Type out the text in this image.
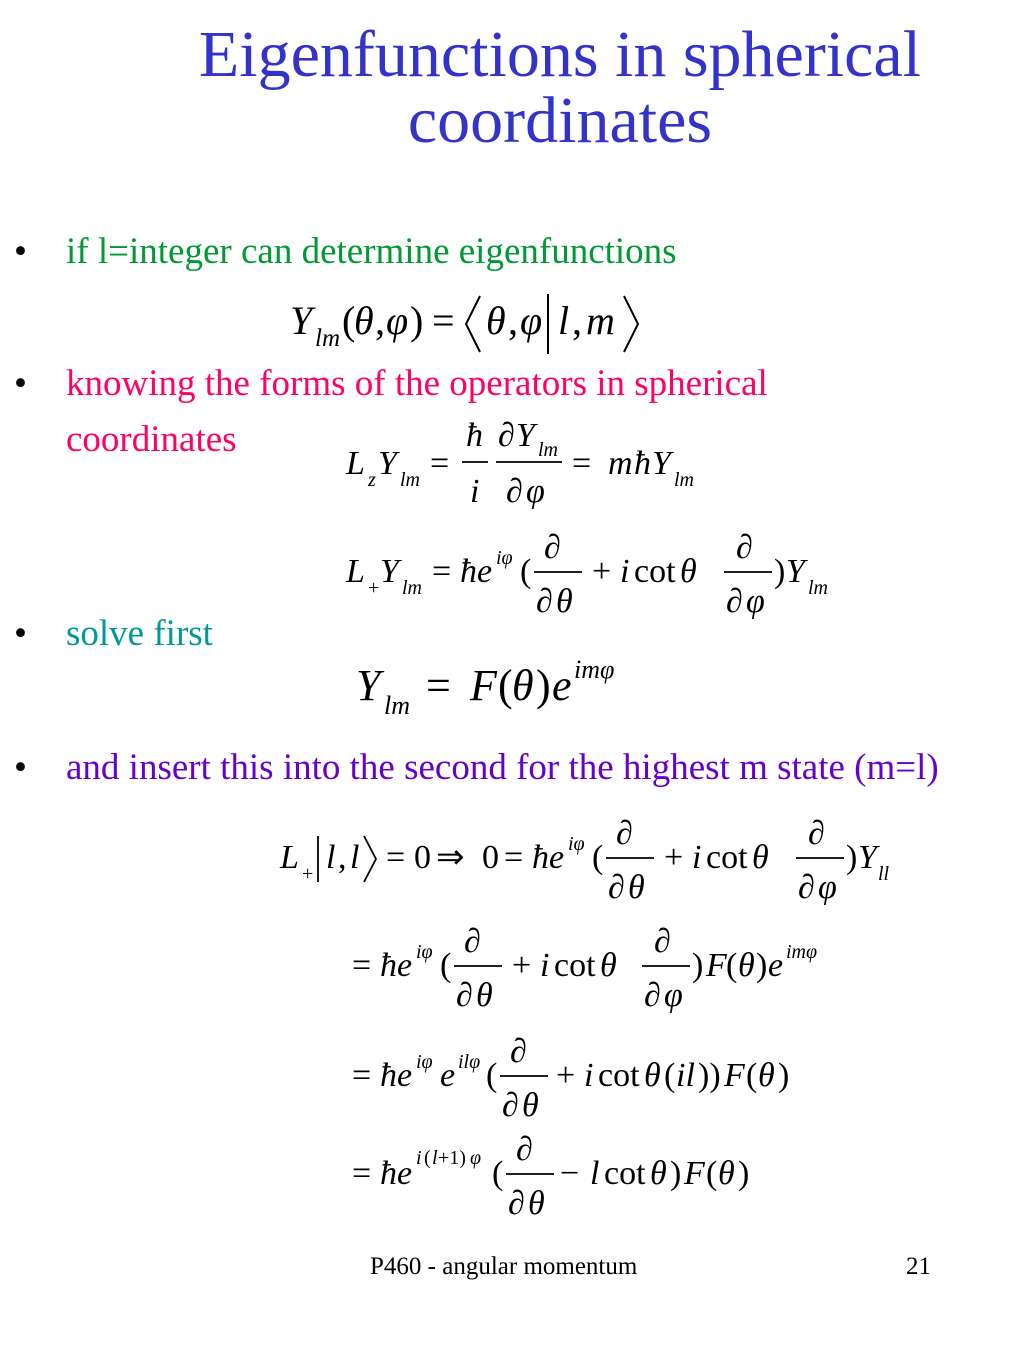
Eigenfunctions in spherical
coordinates
•	if l=integer can determine eigenfunctions
Y lm (
θ , φ ) = θ , φ l , m
•	knowing the forms of the operators in spherical coordinates
L z Y lm =
ħ
i
∂ Y lm
∂ φ
= m ħ Y lm
L + Y lm = ħe iφ (
∂
∂ θ
+ i cot θ
∂
∂ φ
) Y lm
•	solve first
Y lm = F ( θ ) e imφ
•	and insert this into the second for the highest m state (m=l)
L + l , l = 0 ⇒ 0 = ħe iφ (
∂
∂ θ
+ i cot θ
∂
∂ φ
) Y ll
= ħe iφ (
∂
∂ θ
+ i cot θ
∂
∂ φ
) F ( θ ) e imφ
= ħe iφ e ilφ (
∂
∂ θ
+ i cot θ ( il )) F ( θ )
= ħe i ( l +1) φ (
∂
∂ θ
− l cot θ ) F ( θ )
P460 - angular momentum	21
